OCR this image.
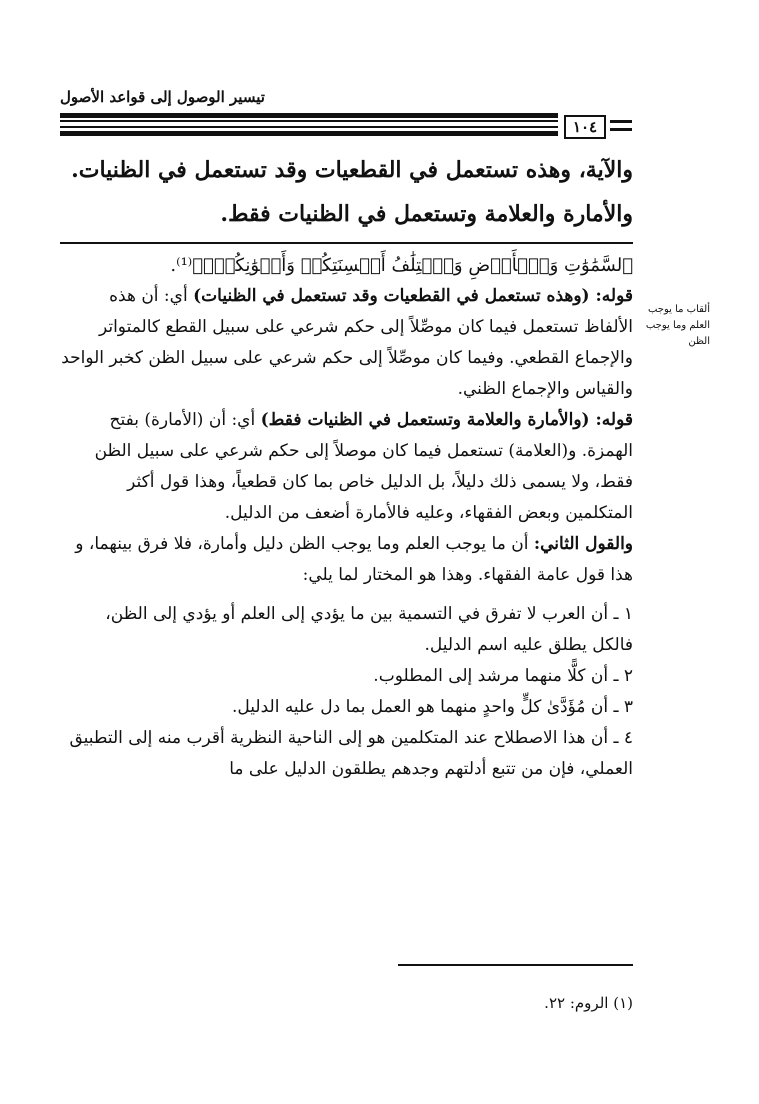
تيسير الوصول إلى قواعد الأصول
١٠٤
والآية، وهذه تستعمل في القطعيات وقد تستعمل في الظنيات.
والأمارة والعلامة وتستعمل في الظنيات فقط.
ألقاب ما يوجب العلم وما يوجب الظن

ٱلسَّمَٰوَٰتِ وَٱلۡأَرۡضِ وَٱخۡتِلَٰفُ أَلۡسِنَتِكُمۡ وَأَلۡوَٰنِكُمۡۚ﴾⁽¹⁾.

قوله: (وهذه تستعمل في القطعيات وقد تستعمل في الظنيات) أي: أن هذه الألفاظ تستعمل فيما كان موصِّلاً إلى حكم شرعي على سبيل القطع كالمتواتر والإجماع القطعي. وفيما كان موصِّلاً إلى حكم شرعي على سبيل الظن كخبر الواحد والقياس والإجماع الظني.

قوله: (والأمارة والعلامة وتستعمل في الظنيات فقط) أي: أن (الأمارة) بفتح الهمزة. و(العلامة) تستعمل فيما كان موصلاً إلى حكم شرعي على سبيل الظن فقط، ولا يسمى ذلك دليلاً، بل الدليل خاص بما كان قطعياً، وهذا قول أكثر المتكلمين وبعض الفقهاء، وعليه فالأمارة أضعف من الدليل.

والقول الثاني: أن ما يوجب العلم وما يوجب الظن دليل وأمارة، فلا فرق بينهما، و هذا قول عامة الفقهاء. وهذا هو المختار لما يلي:

١ ـ أن العرب لا تفرق في التسمية بين ما يؤدي إلى العلم أو يؤدي إلى الظن، فالكل يطلق عليه اسم الدليل.

٢ ـ أن كلًّا منهما مرشد إلى المطلوب.

٣ ـ أن مُؤَدَّىٰ كلٍّ واحدٍ منهما هو العمل بما دل عليه الدليل.

٤ ـ أن هذا الاصطلاح عند المتكلمين هو إلى الناحية النظرية أقرب منه إلى التطبيق العملي، فإن من تتبع أدلتهم وجدهم يطلقون الدليل على ما

(١) الروم: ٢٢.
